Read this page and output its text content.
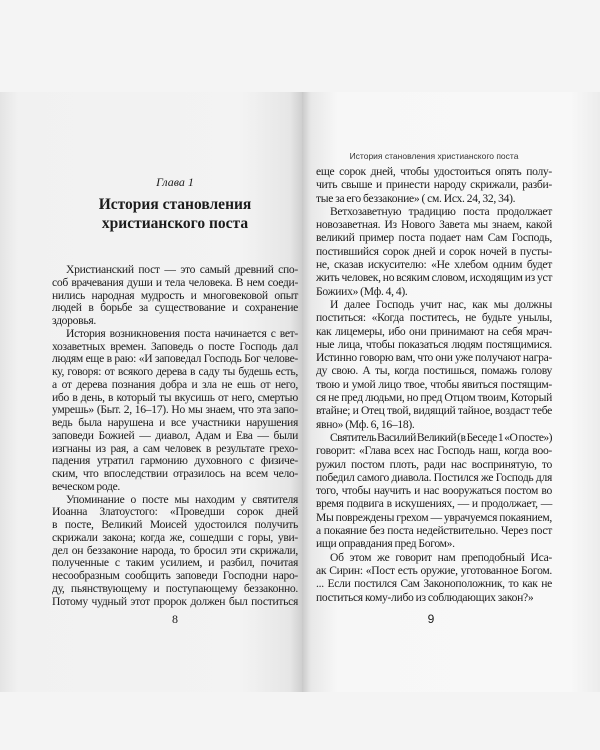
Глава 1
История становления
христианского поста
Христианский пост — это самый древний спо-
соб врачевания души и тела человека. В нем соеди-
нились народная мудрость и многовековой опыт
людей в борьбе за существование и сохранение
здоровья.
История возникновения поста начинается с вет-
хозаветных времен. Заповедь о посте Господь дал
людям еще в раю: «И заповедал Господь Бог челове-
ку, говоря: от всякого дерева в саду ты будешь есть,
а от дерева познания добра и зла не ешь от него,
ибо в день, в который ты вкусишь от него, смертью
умрешь» (Быт. 2, 16–17). Но мы знаем, что эта запо-
ведь была нарушена и все участники нарушения
заповеди Божией — диавол, Адам и Ева — были
изгнаны из рая, а сам человек в результате грехо-
падения утратил гармонию духовного с физиче-
ским, что впоследствии отразилось на всем чело-
веческом роде.
Упоминание о посте мы находим у святителя
Иоанна Златоустого: «Проведши сорок дней
в посте, Великий Моисей удостоился получить
скрижали закона; когда же, сошедши с горы, уви-
дел он беззаконие народа, то бросил эти скрижали,
полученные с таким усилием, и разбил, почитая
несообразным сообщить заповеди Господни наро-
ду, пьянствующему и поступающему беззаконно.
Потому чудный этот пророк должен был поститься
8
История становления христианского поста
еще сорок дней, чтобы удостоиться опять полу-
чить свыше и принести народу скрижали, разби-
тые за его беззаконие» ( см. Исх. 24, 32, 34).
Ветхозаветную традицию поста продолжает
новозаветная. Из Нового Завета мы знаем, какой
великий пример поста подает нам Сам Господь,
постившийся сорок дней и сорок ночей в пусты-
не, сказав искусителю: «Не хлебом одним будет
жить человек, но всяким словом, исходящим из уст
Божиих» (Мф. 4, 4).
И далее Господь учит нас, как мы должны
поститься: «Когда поститесь, не будьте унылы,
как лицемеры, ибо они принимают на себя мрач-
ные лица, чтобы показаться людям постящимися.
Истинно говорю вам, что они уже получают награ-
ду свою. А ты, когда постишься, помажь голову
твою и умой лицо твое, чтобы явиться постящим-
ся не пред людьми, но пред Отцом твоим, Который
втайне; и Отец твой, видящий тайное, воздаст тебе
явно» (Мф. 6, 16–18).
Святитель Василий Великий (в Беседе 1 «О посте»)
говорит: «Глава всех нас Господь наш, когда воо-
ружил постом плоть, ради нас воспринятую, то
победил самого диавола. Постился же Господь для
того, чтобы научить и нас вооружаться постом во
время подвига в искушениях, — и продолжает, —
Мы повреждены грехом — уврачуемся покаянием,
а покаяние без поста недействительно. Через пост
ищи оправдания пред Богом».
Об этом же говорит нам преподобный Иса-
ак Сирин: «Пост есть оружие, уготованное Богом.
... Если постился Сам Законоположник, то как не
поститься кому-либо из соблюдающих закон?»
9
